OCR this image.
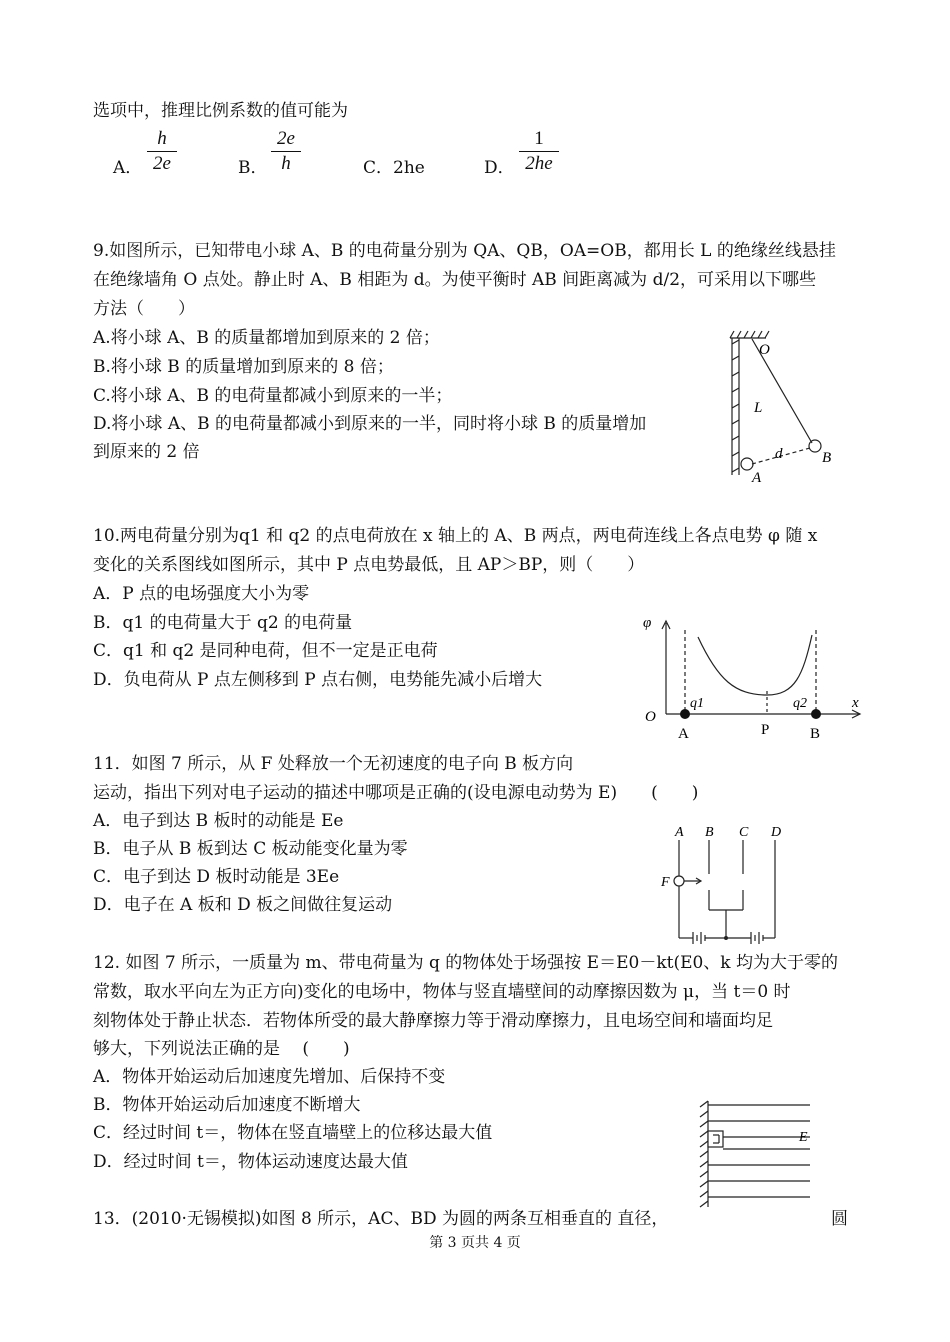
选项中，推理比例系数的值可能为
A．
h
2e	B．
2e
h	C．2he	D．
1
2he
9.如图所示，已知带电小球 A、B 的电荷量分别为 QA、QB，OA=OB，都用长 L 的绝缘丝线悬挂
在绝缘墙角 O 点处。静止时 A、B 相距为 d。为使平衡时 AB 间距离减为 d/2，可采用以下哪些
方法（　　）
A.将小球 A、B 的质量都增加到原来的 2 倍；
B.将小球 B 的质量增加到原来的 8 倍；
C.将小球 A、B 的电荷量都减小到原来的一半；
D.将小球 A、B 的电荷量都减小到原来的一半，同时将小球 B 的质量增加
到原来的 2 倍
O
L
d
A
B
10.两电荷量分别为q1 和 q2 的点电荷放在 x 轴上的 A、B 两点，两电荷连线上各点电势 φ 随 x
变化的关系图线如图所示，其中 P 点电势最低，且 AP＞BP，则（　　）
A．P 点的电场强度大小为零
B．q1 的电荷量大于 q2 的电荷量
C．q1 和 q2 是同种电荷，但不一定是正电荷
D．负电荷从 P 点左侧移到 P 点右侧，电势能先减小后增大
φ
O
x
q1	q2
A	P	B
11．如图 7 所示，从 F 处释放一个无初速度的电子向 B 板方向
运动，指出下列对电子运动的描述中哪项是正确的(设电源电动势为 E)　　(　　)
A．电子到达 B 板时的动能是 Ee
B．电子从 B 板到达 C 板动能变化量为零
C．电子到达 D 板时动能是 3Ee
D．电子在 A 板和 D 板之间做往复运动
A B C D
F
12. 如图 7 所示，一质量为 m、带电荷量为 q 的物体处于场强按 E＝E0－kt(E0、k 均为大于零的
常数，取水平向左为正方向)变化的电场中，物体与竖直墙壁间的动摩擦因数为 μ，当 t＝0 时
刻物体处于静止状态．若物体所受的最大静摩擦力等于滑动摩擦力，且电场空间和墙面均足
够大，下列说法正确的是　 (　　)
A．物体开始运动后加速度先增加、后保持不变
B．物体开始运动后加速度不断增大
C．经过时间 t＝，物体在竖直墙壁上的位移达最大值
D．经过时间 t＝，物体运动速度达最大值
E
13．(2010·无锡模拟)如图 8 所示，AC、BD 为圆的两条互相垂直的 直径，	圆
第 3 页共 4 页
